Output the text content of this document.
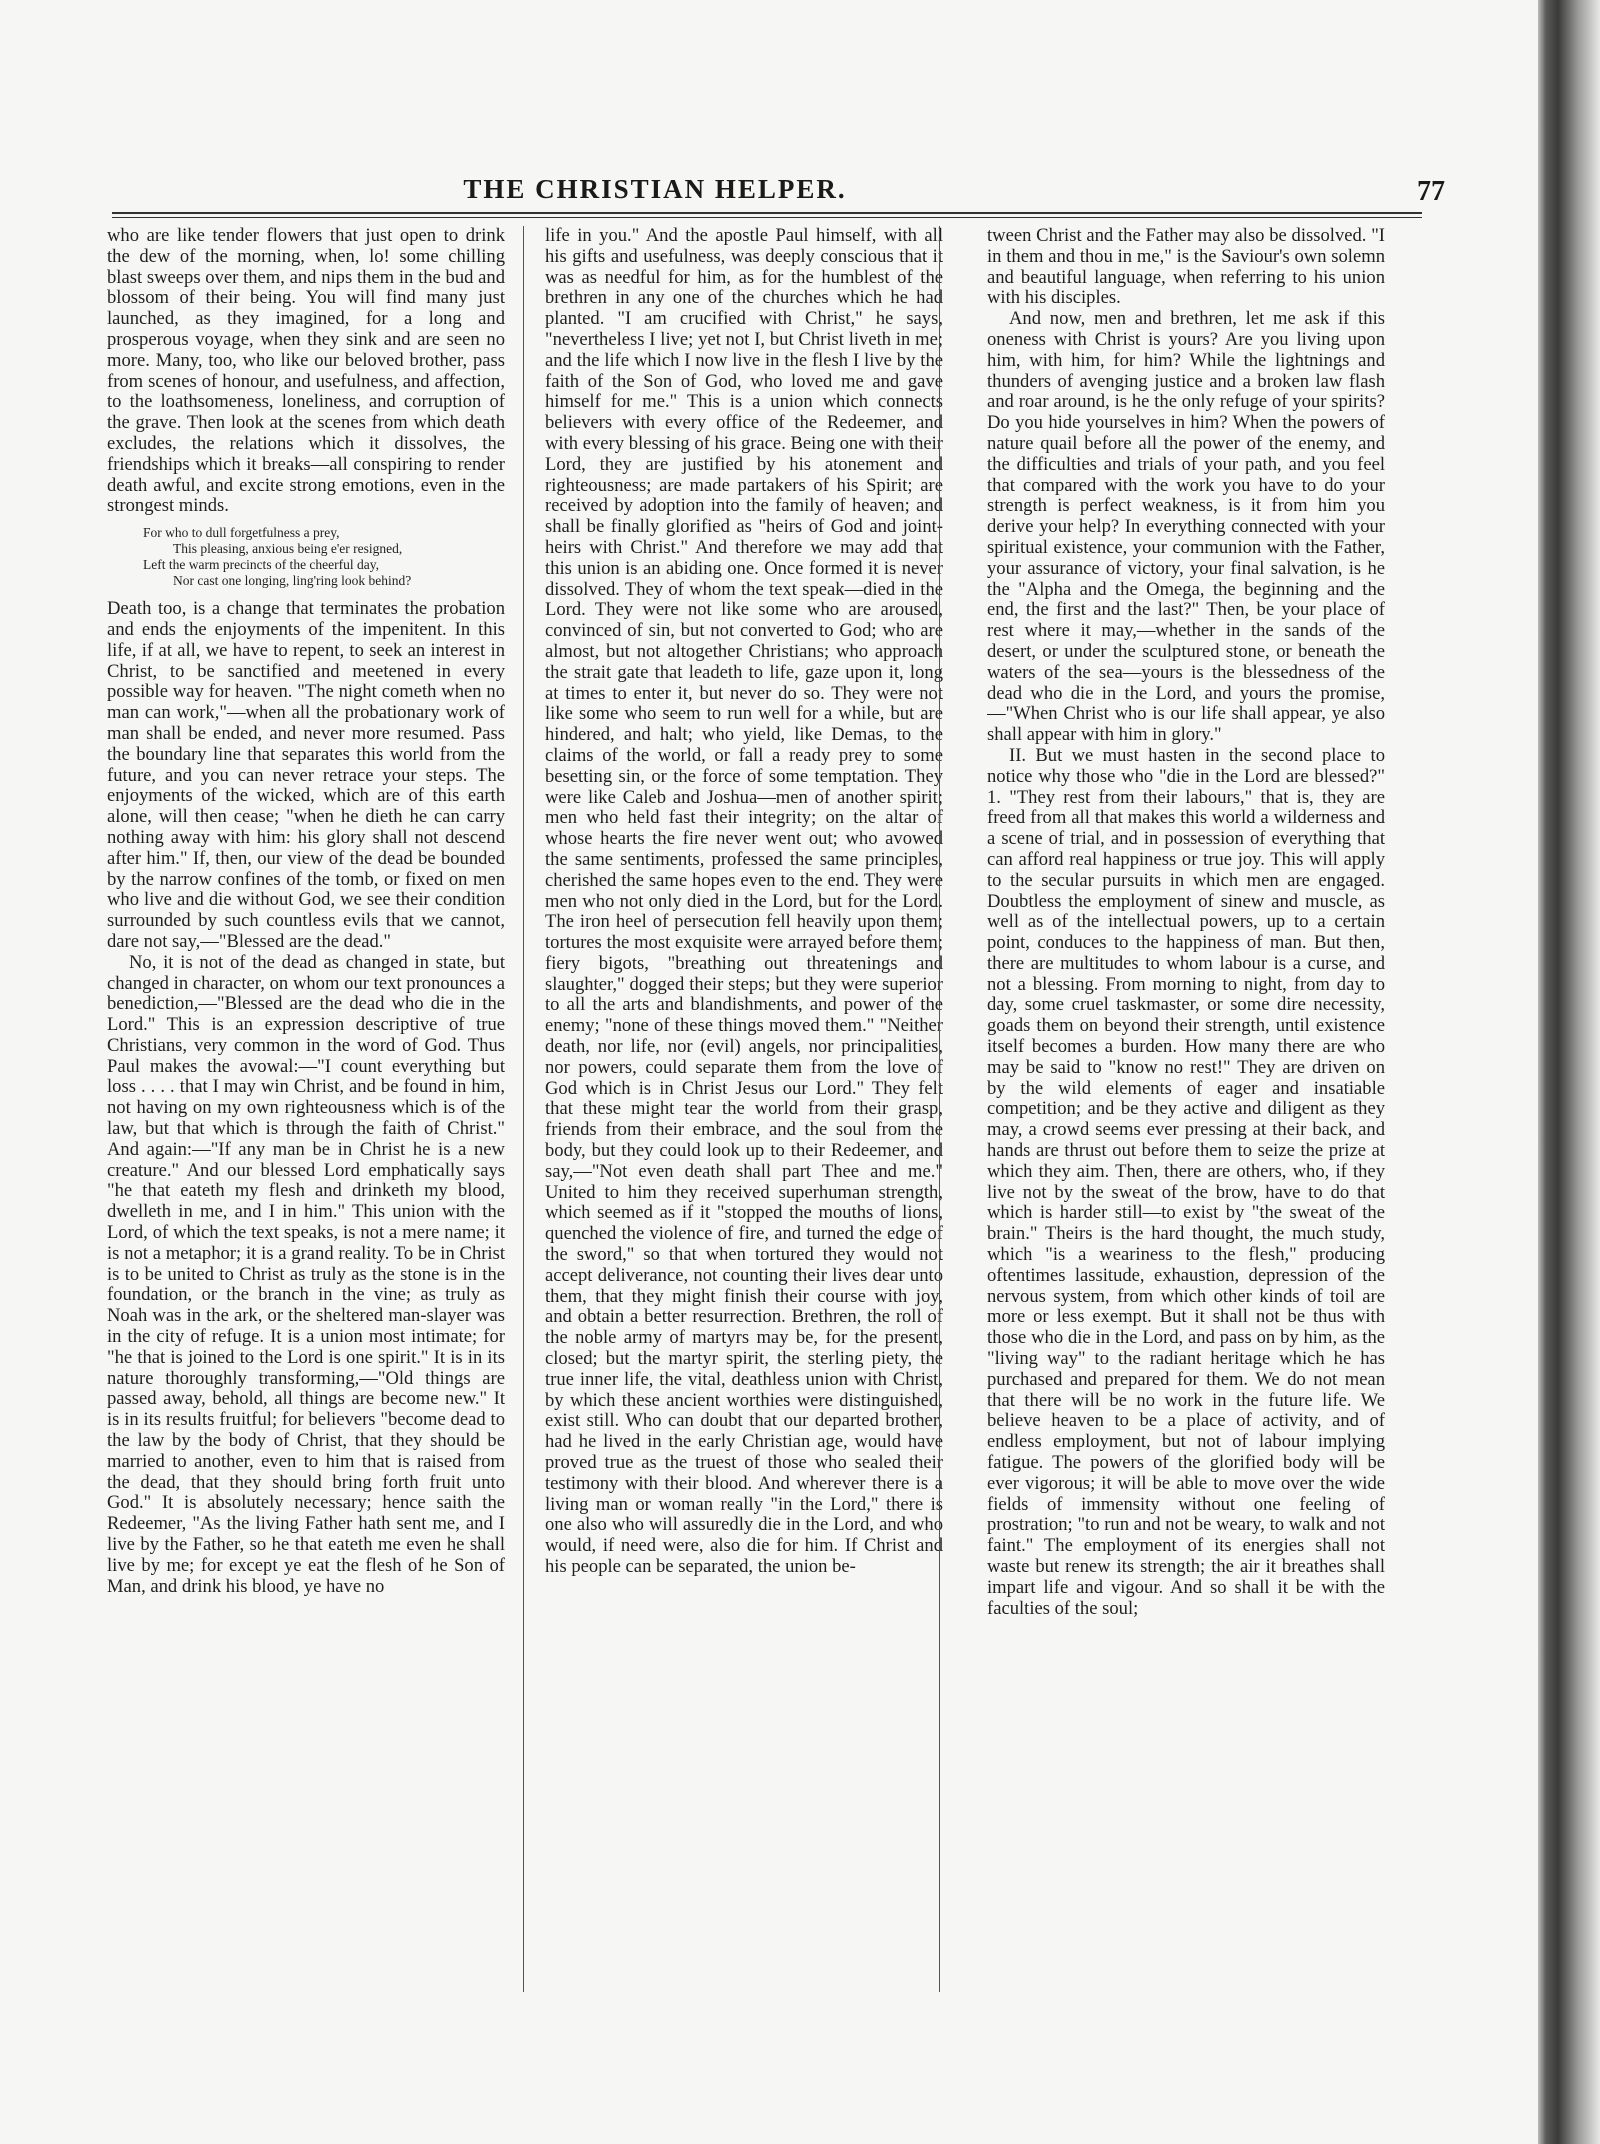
THE CHRISTIAN HELPER.	77

who are like tender flowers that just open to drink the dew of the morning, when, lo! some chilling blast sweeps over them, and nips them in the bud and blossom of their being. You will find many just launched, as they imagined, for a long and prosperous voyage, when they sink and are seen no more. Many, too, who like our beloved brother, pass from scenes of honour, and usefulness, and affection, to the loathsomeness, loneliness, and corruption of the grave. Then look at the scenes from which death excludes, the relations which it dissolves, the friendships which it breaks—all conspiring to render death awful, and excite strong emotions, even in the strongest minds.

For who to dull forgetfulness a prey,
This pleasing, anxious being e'er resigned,
Left the warm precincts of the cheerful day,
Nor cast one longing, ling'ring look behind?

Death too, is a change that terminates the probation and ends the enjoyments of the impenitent. In this life, if at all, we have to repent, to seek an interest in Christ, to be sanctified and meetened in every possible way for heaven. "The night cometh when no man can work,"—when all the probationary work of man shall be ended, and never more resumed. Pass the boundary line that separates this world from the future, and you can never retrace your steps. The enjoyments of the wicked, which are of this earth alone, will then cease; "when he dieth he can carry nothing away with him: his glory shall not descend after him." If, then, our view of the dead be bounded by the narrow confines of the tomb, or fixed on men who live and die without God, we see their condition surrounded by such countless evils that we cannot, dare not say,—"Blessed are the dead."

No, it is not of the dead as changed in state, but changed in character, on whom our text pronounces a benediction,—"Blessed are the dead who die in the Lord." This is an expression descriptive of true Christians, very common in the word of God. Thus Paul makes the avowal:—"I count everything but loss . . . . that I may win Christ, and be found in him, not having on my own righteousness which is of the law, but that which is through the faith of Christ." And again:—"If any man be in Christ he is a new creature." And our blessed Lord emphatically says "he that eateth my flesh and drinketh my blood, dwelleth in me, and I in him." This union with the Lord, of which the text speaks, is not a mere name; it is not a metaphor; it is a grand reality. To be in Christ is to be united to Christ as truly as the stone is in the foundation, or the branch in the vine; as truly as Noah was in the ark, or the sheltered man-slayer was in the city of refuge. It is a union most intimate; for "he that is joined to the Lord is one spirit." It is in its nature thoroughly transforming,—"Old things are passed away, behold, all things are become new." It is in its results fruitful; for believers "become dead to the law by the body of Christ, that they should be married to another, even to him that is raised from the dead, that they should bring forth fruit unto God." It is absolutely necessary; hence saith the Redeemer, "As the living Father hath sent me, and I live by the Father, so he that eateth me even he shall live by me; for except ye eat the flesh of he Son of Man, and drink his blood, ye have no

life in you." And the apostle Paul himself, with all his gifts and usefulness, was deeply conscious that it was as needful for him, as for the humblest of the brethren in any one of the churches which he had planted. "I am crucified with Christ," he says, "nevertheless I live; yet not I, but Christ liveth in me; and the life which I now live in the flesh I live by the faith of the Son of God, who loved me and gave himself for me." This is a union which connects believers with every office of the Redeemer, and with every blessing of his grace. Being one with their Lord, they are justified by his atonement and righteousness; are made partakers of his Spirit; are received by adoption into the family of heaven; and shall be finally glorified as "heirs of God and joint-heirs with Christ." And therefore we may add that this union is an abiding one. Once formed it is never dissolved. They of whom the text speak—died in the Lord. They were not like some who are aroused, convinced of sin, but not converted to God; who are almost, but not altogether Christians; who approach the strait gate that leadeth to life, gaze upon it, long at times to enter it, but never do so. They were not like some who seem to run well for a while, but are hindered, and halt; who yield, like Demas, to the claims of the world, or fall a ready prey to some besetting sin, or the force of some temptation. They were like Caleb and Joshua—men of another spirit; men who held fast their integrity; on the altar of whose hearts the fire never went out; who avowed the same sentiments, professed the same principles, cherished the same hopes even to the end. They were men who not only died in the Lord, but for the Lord. The iron heel of persecution fell heavily upon them; tortures the most exquisite were arrayed before them; fiery bigots, "breathing out threatenings and slaughter," dogged their steps; but they were superior to all the arts and blandishments, and power of the enemy; "none of these things moved them." "Neither death, nor life, nor (evil) angels, nor principalities, nor powers, could separate them from the love of God which is in Christ Jesus our Lord." They felt that these might tear the world from their grasp, friends from their embrace, and the soul from the body, but they could look up to their Redeemer, and say,—"Not even death shall part Thee and me." United to him they received superhuman strength, which seemed as if it "stopped the mouths of lions, quenched the violence of fire, and turned the edge of the sword," so that when tortured they would not accept deliverance, not counting their lives dear unto them, that they might finish their course with joy, and obtain a better resurrection. Brethren, the roll of the noble army of martyrs may be, for the present, closed; but the martyr spirit, the sterling piety, the true inner life, the vital, deathless union with Christ, by which these ancient worthies were distinguished, exist still. Who can doubt that our departed brother, had he lived in the early Christian age, would have proved true as the truest of those who sealed their testimony with their blood. And wherever there is a living man or woman really "in the Lord," there is one also who will assuredly die in the Lord, and who would, if need were, also die for him. If Christ and his people can be separated, the union be-

tween Christ and the Father may also be dissolved. "I in them and thou in me," is the Saviour's own solemn and beautiful language, when referring to his union with his disciples.

And now, men and brethren, let me ask if this oneness with Christ is yours? Are you living upon him, with him, for him? While the lightnings and thunders of avenging justice and a broken law flash and roar around, is he the only refuge of your spirits? Do you hide yourselves in him? When the powers of nature quail before all the power of the enemy, and the difficulties and trials of your path, and you feel that compared with the work you have to do your strength is perfect weakness, is it from him you derive your help? In everything connected with your spiritual existence, your communion with the Father, your assurance of victory, your final salvation, is he the "Alpha and the Omega, the beginning and the end, the first and the last?" Then, be your place of rest where it may,—whether in the sands of the desert, or under the sculptured stone, or beneath the waters of the sea—yours is the blessedness of the dead who die in the Lord, and yours the promise,—"When Christ who is our life shall appear, ye also shall appear with him in glory."

II. But we must hasten in the second place to notice why those who "die in the Lord are blessed?" 1. "They rest from their labours," that is, they are freed from all that makes this world a wilderness and a scene of trial, and in possession of everything that can afford real happiness or true joy. This will apply to the secular pursuits in which men are engaged. Doubtless the employment of sinew and muscle, as well as of the intellectual powers, up to a certain point, conduces to the happiness of man. But then, there are multitudes to whom labour is a curse, and not a blessing. From morning to night, from day to day, some cruel taskmaster, or some dire necessity, goads them on beyond their strength, until existence itself becomes a burden. How many there are who may be said to "know no rest!" They are driven on by the wild elements of eager and insatiable competition; and be they active and diligent as they may, a crowd seems ever pressing at their back, and hands are thrust out before them to seize the prize at which they aim. Then, there are others, who, if they live not by the sweat of the brow, have to do that which is harder still—to exist by "the sweat of the brain." Theirs is the hard thought, the much study, which "is a weariness to the flesh," producing oftentimes lassitude, exhaustion, depression of the nervous system, from which other kinds of toil are more or less exempt. But it shall not be thus with those who die in the Lord, and pass on by him, as the "living way" to the radiant heritage which he has purchased and prepared for them. We do not mean that there will be no work in the future life. We believe heaven to be a place of activity, and of endless employment, but not of labour implying fatigue. The powers of the glorified body will be ever vigorous; it will be able to move over the wide fields of immensity without one feeling of prostration; "to run and not be weary, to walk and not faint." The employment of its energies shall not waste but renew its strength; the air it breathes shall impart life and vigour. And so shall it be with the faculties of the soul;
